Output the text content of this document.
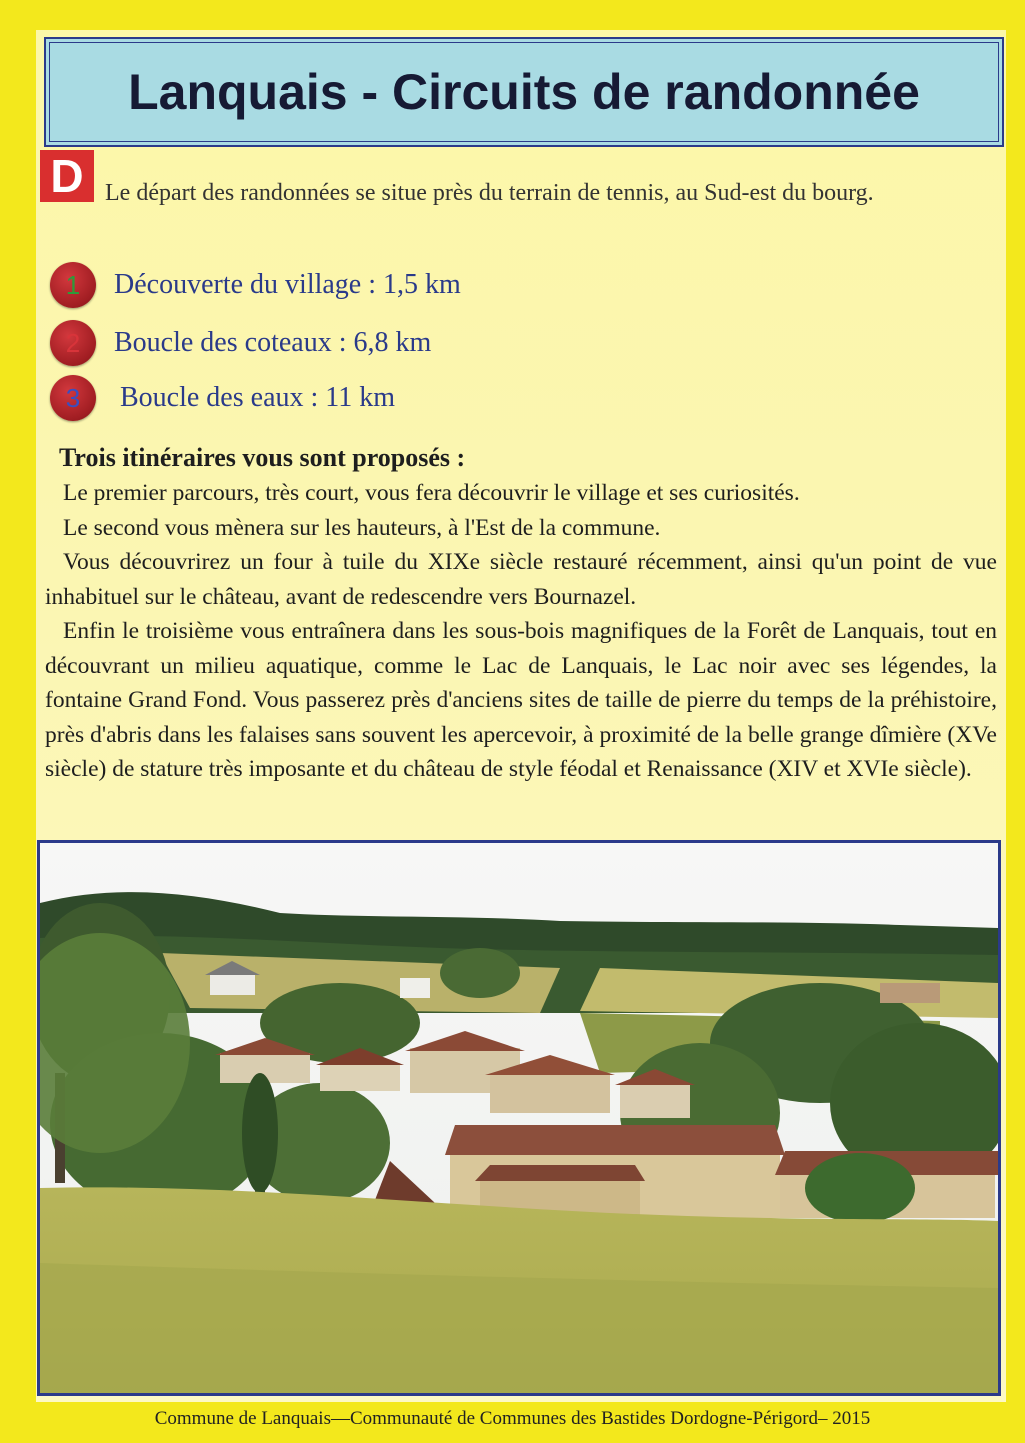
Lanquais - Circuits de randonnée
D Le départ des randonnées se situe près du terrain de tennis, au Sud-est du bourg.
1 Découverte du village : 1,5 km
2 Boucle des coteaux : 6,8 km
3 Boucle des eaux : 11 km
Trois itinéraires vous sont proposés :

Le premier parcours, très court, vous fera découvrir le village et ses curiosités.

Le second vous mènera sur les hauteurs, à l'Est de la commune.

Vous découvrirez un four à tuile du XIXe siècle restauré récemment, ainsi qu'un point de vue inhabituel sur le château, avant de redescendre vers Bournazel.

Enfin le troisième vous entraînera dans les sous-bois magnifiques de la Forêt de Lanquais, tout en découvrant un milieu aquatique, comme le Lac de Lanquais, le Lac noir avec ses légendes, la fontaine Grand Fond. Vous passerez près d'anciens sites de taille de pierre du temps de la préhistoire, près d'abris dans les falaises sans souvent les apercevoir, à proximité de la belle grange dîmière (XVe siècle) de stature très imposante et du château de style féodal et Renaissance (XIV et XVIe siècle).

Commune de Lanquais—Communauté de Communes des Bastides Dordogne-Périgord– 2015
